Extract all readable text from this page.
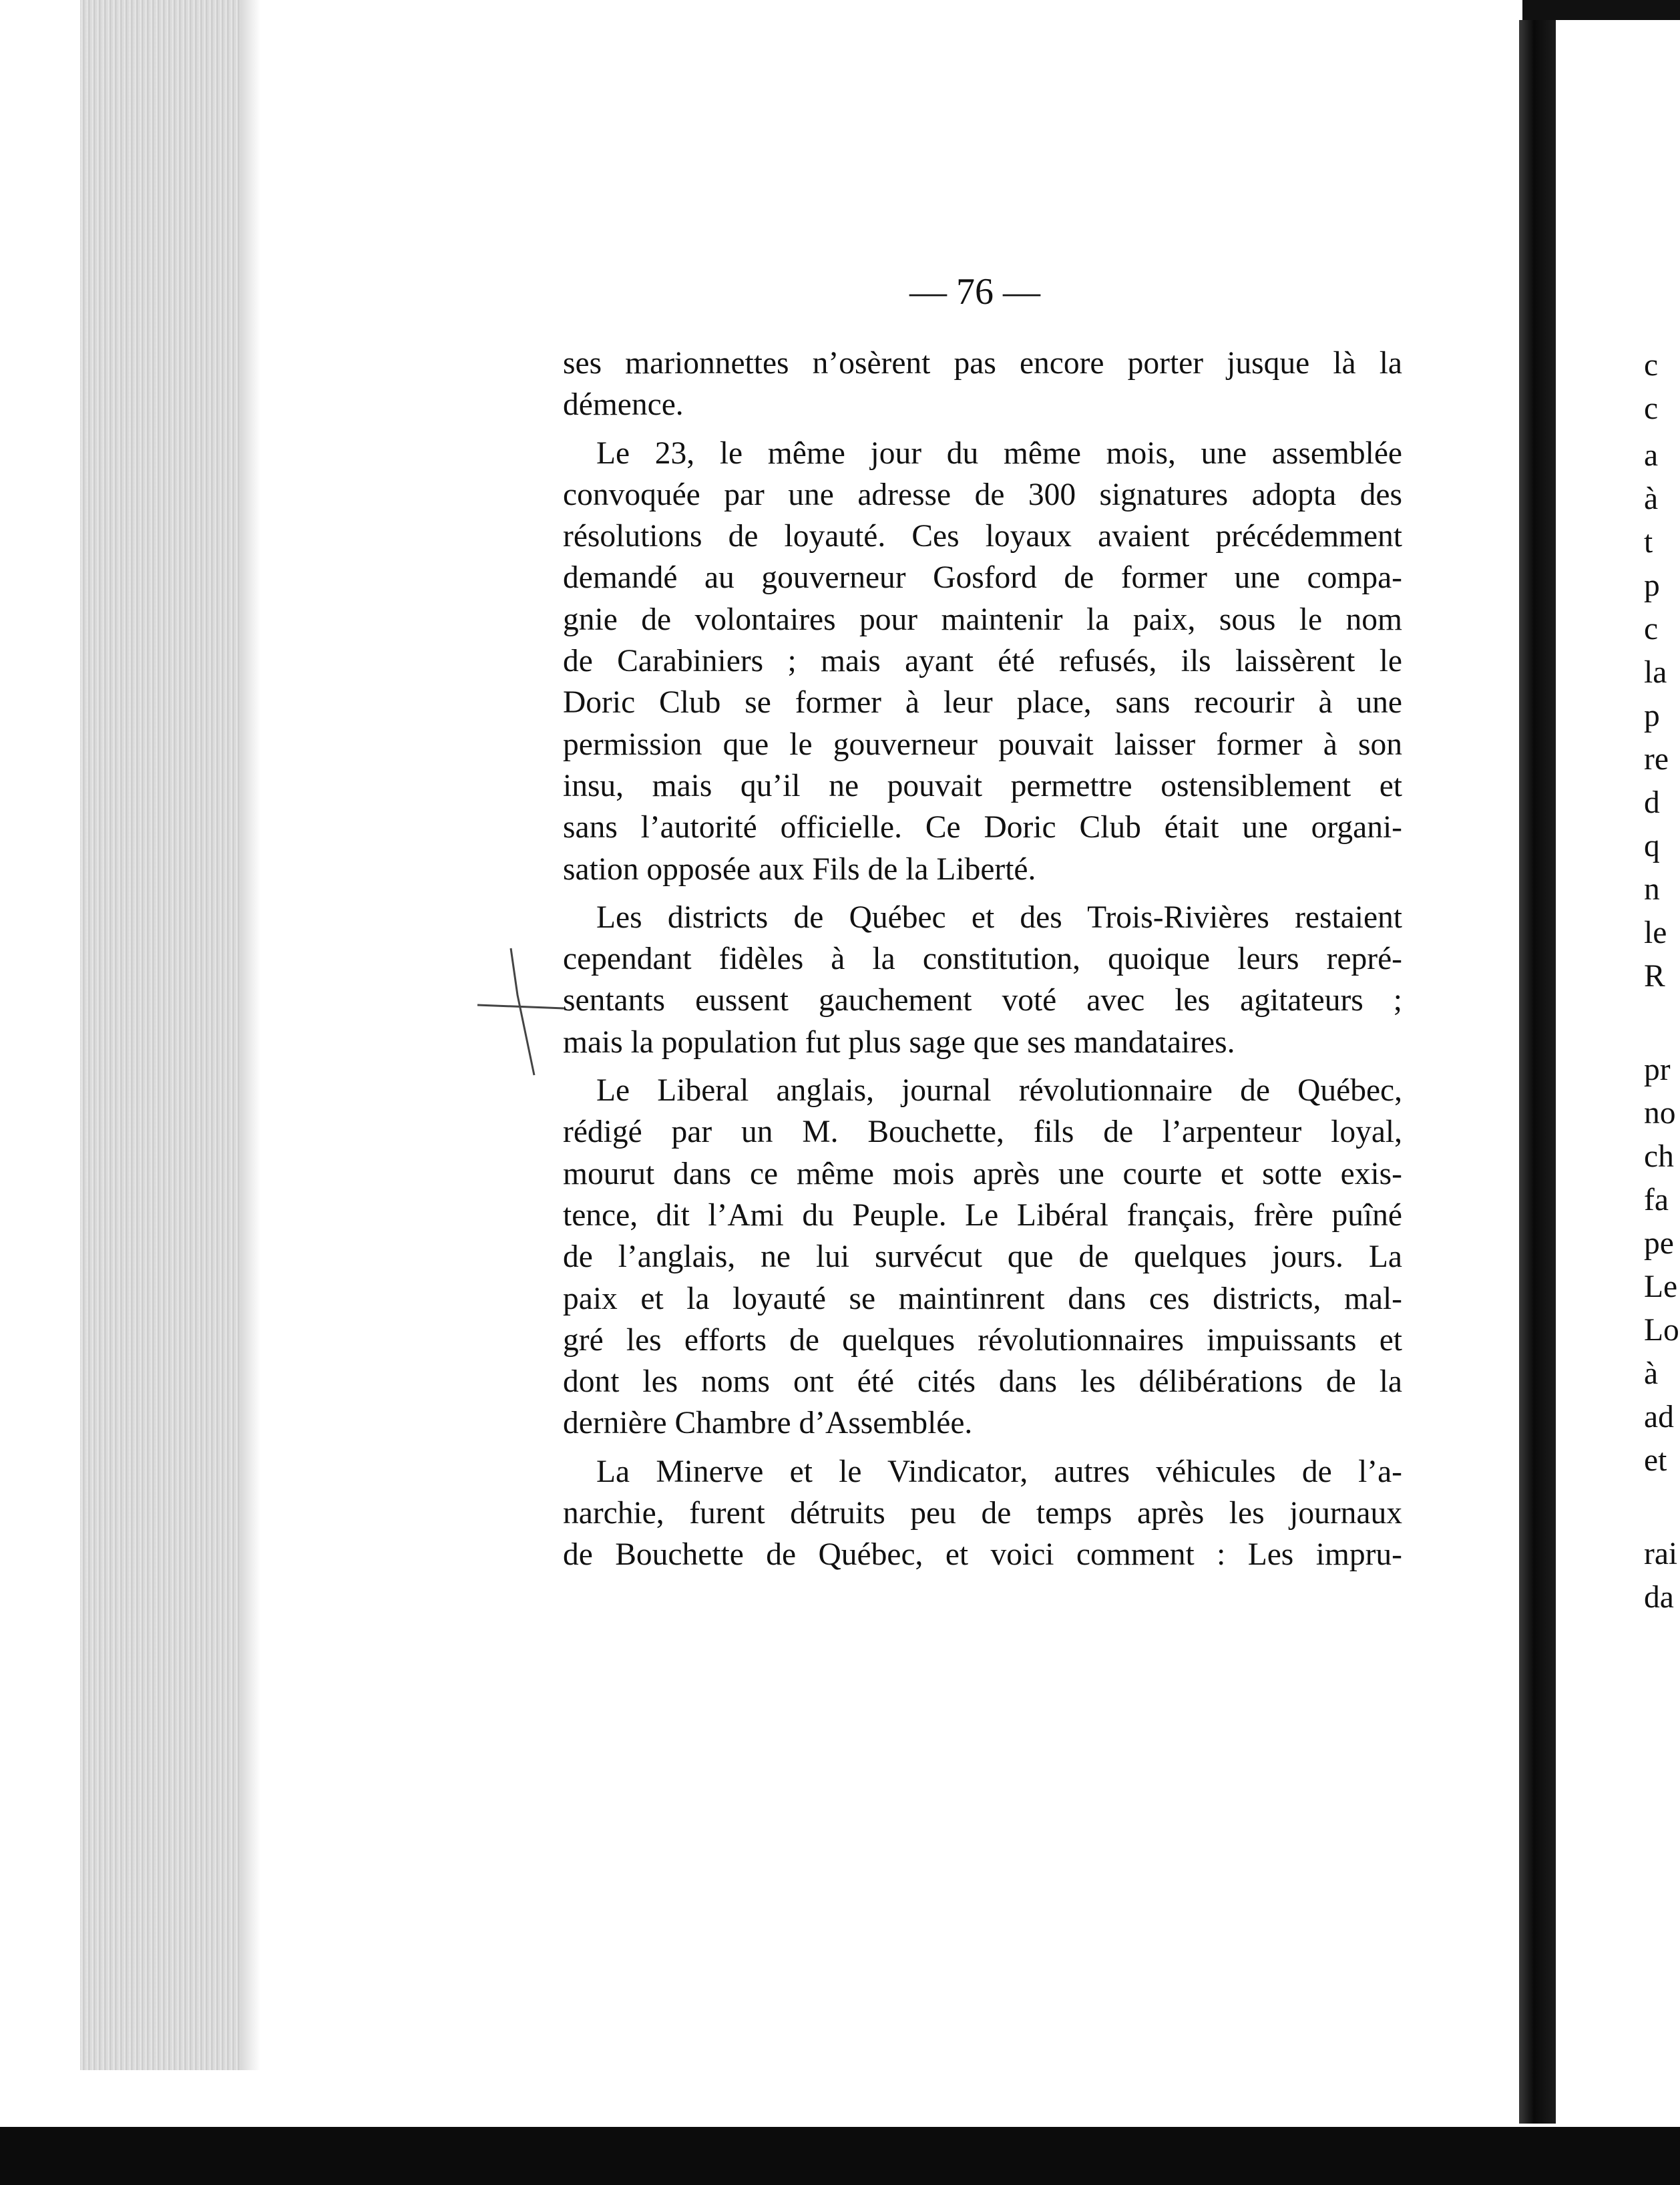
— 76 —
ses marionnettes n’osèrent pas encore porter jusque là la
démence.
Le 23, le même jour du même mois, une assemblée
convoquée par une adresse de 300 signatures adopta des
résolutions de loyauté. Ces loyaux avaient précédemment
demandé au gouverneur Gosford de former une compa-
gnie de volontaires pour maintenir la paix, sous le nom
de Carabiniers ; mais ayant été refusés, ils laissèrent le
Doric Club se former à leur place, sans recourir à une
permission que le gouverneur pouvait laisser former à son
insu, mais qu’il ne pouvait permettre ostensiblement et
sans l’autorité officielle. Ce Doric Club était une organi-
sation opposée aux Fils de la Liberté.
Les districts de Québec et des Trois-Rivières restaient
cependant fidèles à la constitution, quoique leurs repré-
sentants eussent gauchement voté avec les agitateurs ;
mais la population fut plus sage que ses mandataires.
Le Liberal anglais, journal révolutionnaire de Québec,
rédigé par un M. Bouchette, fils de l’arpenteur loyal,
mourut dans ce même mois après une courte et sotte exis-
tence, dit l’Ami du Peuple. Le Libéral français, frère puîné
de l’anglais, ne lui survécut que de quelques jours. La
paix et la loyauté se maintinrent dans ces districts, mal-
gré les efforts de quelques révolutionnaires impuissants et
dont les noms ont été cités dans les délibérations de la
dernière Chambre d’Assemblée.
La Minerve et le Vindicator, autres véhicules de l’a-
narchie, furent détruits peu de temps après les journaux
de Bouchette de Québec, et voici comment : Les impru-
c
c
a
à
t
p
c
la
p
re
d
q
n
le
R
pr
no
ch
fa
pe
Le
Lo
à
ad
et
rai
da
